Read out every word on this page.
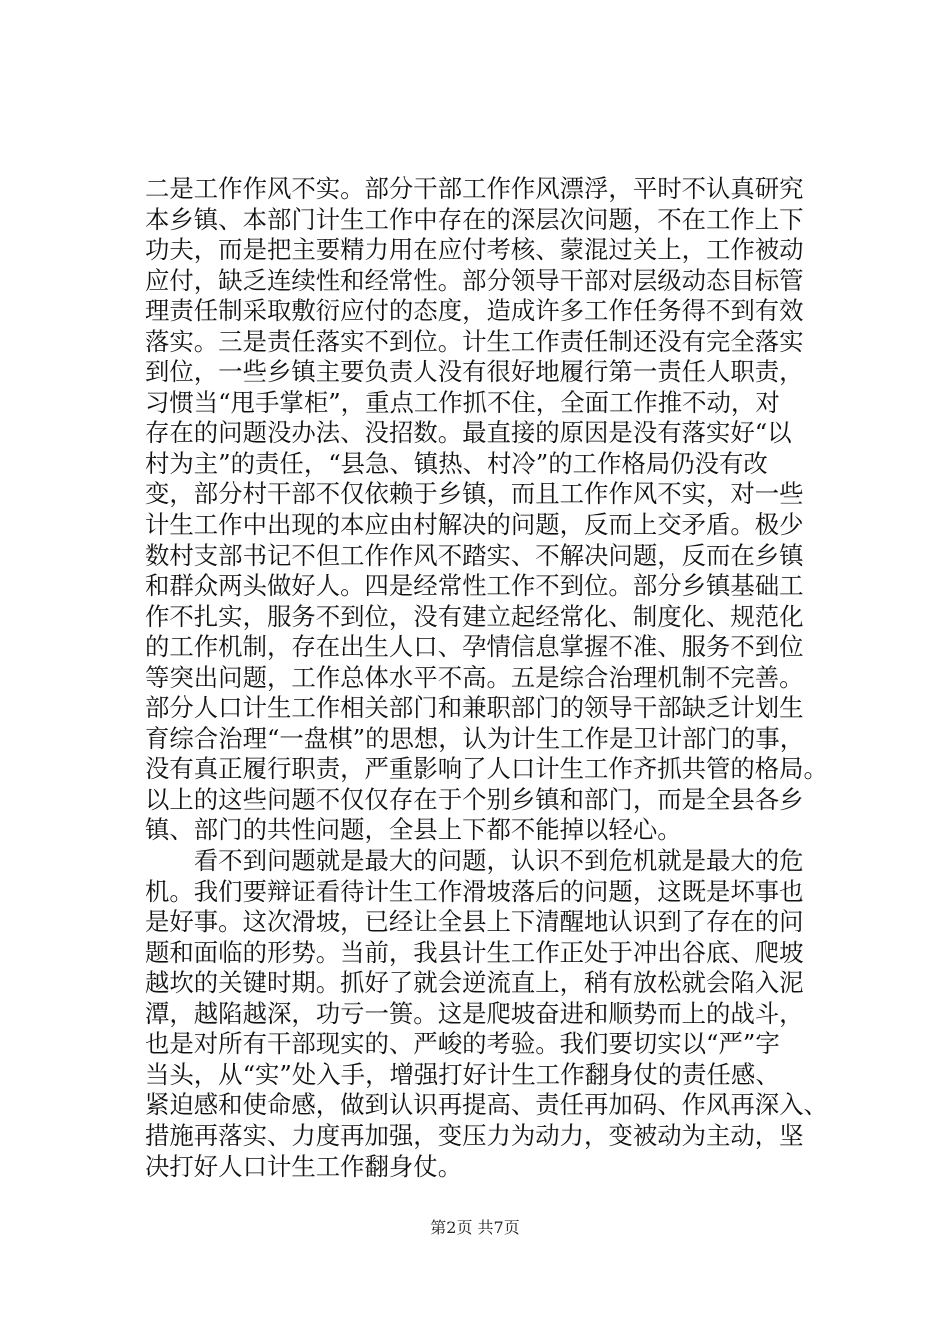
二是工作作风不实。部分干部工作作风漂浮，平时不认真研究
本乡镇、本部门计生工作中存在的深层次问题，不在工作上下
功夫，而是把主要精力用在应付考核、蒙混过关上，工作被动
应付，缺乏连续性和经常性。部分领导干部对层级动态目标管
理责任制采取敷衍应付的态度，造成许多工作任务得不到有效
落实。三是责任落实不到位。计生工作责任制还没有完全落实
到位，一些乡镇主要负责人没有很好地履行第一责任人职责，
习惯当“甩手掌柜”，重点工作抓不住，全面工作推不动，对
存在的问题没办法、没招数。最直接的原因是没有落实好“以
村为主”的责任，“县急、镇热、村冷”的工作格局仍没有改
变，部分村干部不仅依赖于乡镇，而且工作作风不实，对一些
计生工作中出现的本应由村解决的问题，反而上交矛盾。极少
数村支部书记不但工作作风不踏实、不解决问题，反而在乡镇
和群众两头做好人。四是经常性工作不到位。部分乡镇基础工
作不扎实，服务不到位，没有建立起经常化、制度化、规范化
的工作机制，存在出生人口、孕情信息掌握不准、服务不到位
等突出问题，工作总体水平不高。五是综合治理机制不完善。
部分人口计生工作相关部门和兼职部门的领导干部缺乏计划生
育综合治理“一盘棋”的思想，认为计生工作是卫计部门的事，
没有真正履行职责，严重影响了人口计生工作齐抓共管的格局。
以上的这些问题不仅仅存在于个别乡镇和部门，而是全县各乡
镇、部门的共性问题，全县上下都不能掉以轻心。
　　看不到问题就是最大的问题，认识不到危机就是最大的危
机。我们要辩证看待计生工作滑坡落后的问题，这既是坏事也
是好事。这次滑坡，已经让全县上下清醒地认识到了存在的问
题和面临的形势。当前，我县计生工作正处于冲出谷底、爬坡
越坎的关键时期。抓好了就会逆流直上，稍有放松就会陷入泥
潭，越陷越深，功亏一篑。这是爬坡奋进和顺势而上的战斗，
也是对所有干部现实的、严峻的考验。我们要切实以“严”字
当头，从“实”处入手，增强打好计生工作翻身仗的责任感、
紧迫感和使命感，做到认识再提高、责任再加码、作风再深入、
措施再落实、力度再加强，变压力为动力，变被动为主动，坚
决打好人口计生工作翻身仗。
第2页 共7页
